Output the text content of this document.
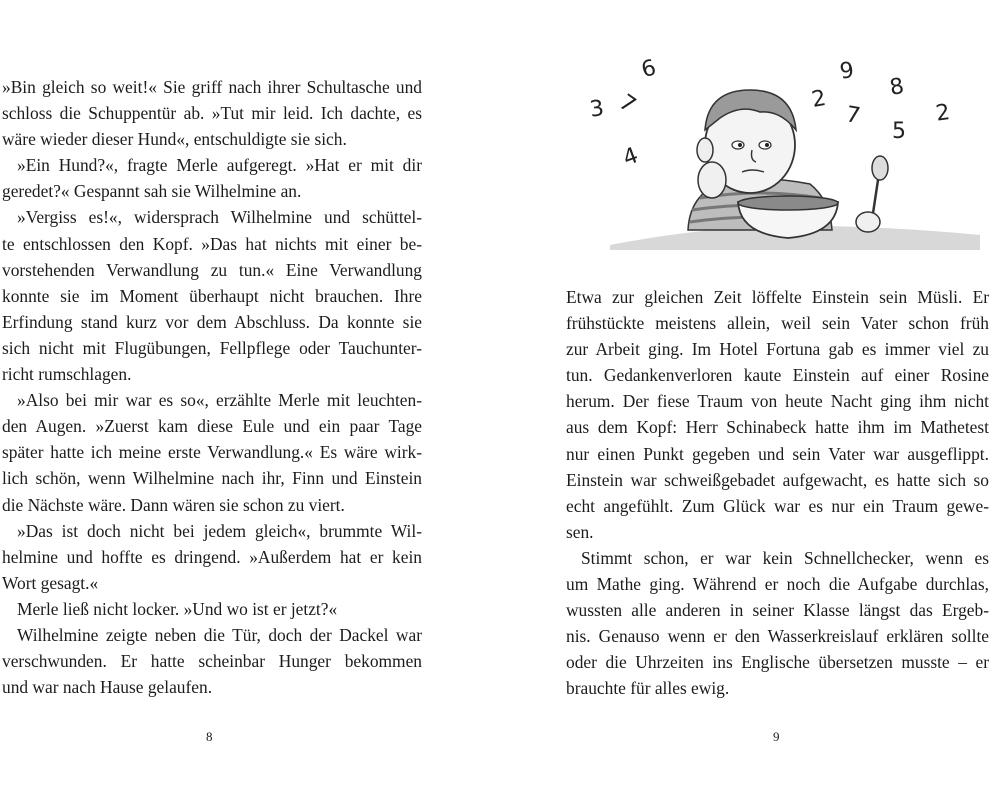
»Bin gleich so weit!« Sie griff nach ihrer Schultasche und
schloss die Schuppentür ab. »Tut mir leid. Ich dachte, es
wäre wieder dieser Hund«, entschuldigte sie sich.
»Ein Hund?«, fragte Merle aufgeregt. »Hat er mit dir
geredet?« Gespannt sah sie Wilhelmine an.
»Vergiss es!«, widersprach Wilhelmine und schüttel-
te entschlossen den Kopf. »Das hat nichts mit einer be-
vorstehenden Verwandlung zu tun.« Eine Verwandlung
konnte sie im Moment überhaupt nicht brauchen. Ihre
Erfindung stand kurz vor dem Abschluss. Da konnte sie
sich nicht mit Flugübungen, Fellpflege oder Tauchunter-
richt rumschlagen.
»Also bei mir war es so«, erzählte Merle mit leuchten-
den Augen. »Zuerst kam diese Eule und ein paar Tage
später hatte ich meine erste Verwandlung.« Es wäre wirk-
lich schön, wenn Wilhelmine nach ihr, Finn und Einstein
die Nächste wäre. Dann wären sie schon zu viert.
»Das ist doch nicht bei jedem gleich«, brummte Wil-
helmine und hoffte es dringend. »Außerdem hat er kein
Wort gesagt.«
Merle ließ nicht locker. »Und wo ist er jetzt?«
Wilhelmine zeigte neben die Tür, doch der Dackel war
verschwunden. Er hatte scheinbar Hunger bekommen
und war nach Hause gelaufen.
8
3 7
6
4
2
9
7
8
5
2
Etwa zur gleichen Zeit löffelte Einstein sein Müsli. Er
frühstückte meistens allein, weil sein Vater schon früh
zur Arbeit ging. Im Hotel Fortuna gab es immer viel zu
tun. Gedankenverloren kaute Einstein auf einer Rosine
herum. Der fiese Traum von heute Nacht ging ihm nicht
aus dem Kopf: Herr Schinabeck hatte ihm im Mathetest
nur einen Punkt gegeben und sein Vater war ausgeflippt.
Einstein war schweißgebadet aufgewacht, es hatte sich so
echt angefühlt. Zum Glück war es nur ein Traum gewe-
sen.
Stimmt schon, er war kein Schnellchecker, wenn es
um Mathe ging. Während er noch die Aufgabe durchlas,
wussten alle anderen in seiner Klasse längst das Ergeb-
nis. Genauso wenn er den Wasserkreislauf erklären sollte
oder die Uhrzeiten ins Englische übersetzen musste – er
brauchte für alles ewig.
9
